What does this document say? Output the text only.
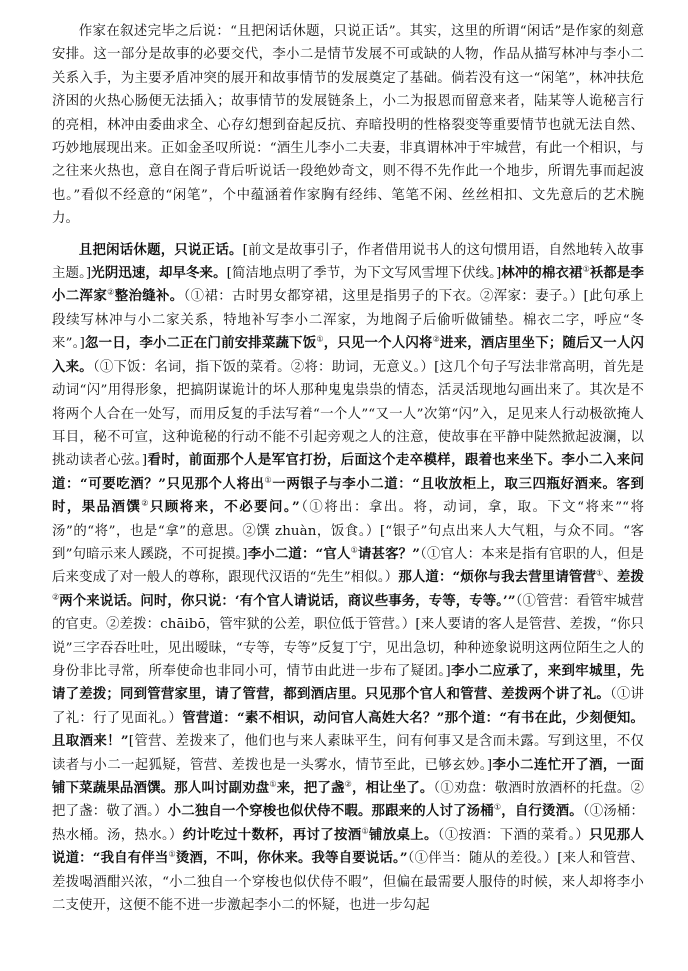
作家在叙述完毕之后说：“且把闲话休题，只说正话”。其实，这里的所谓“闲话”是作家的刻意安排。这一部分是故事的必要交代，李小二是情节发展不可或缺的人物，作品从描写林冲与李小二关系入手，为主要矛盾冲突的展开和故事情节的发展奠定了基础。倘若没有这一“闲笔”，林冲扶危济困的火热心肠便无法插入；故事情节的发展链条上，小二为报恩而留意来者，陆某等人诡秘言行的亮相，林冲由委曲求全、心存幻想到奋起反抗、弃暗投明的性格裂变等重要情节也就无法自然、巧妙地展现出来。正如金圣叹所说：“酒生儿李小二夫妻，非真谓林冲于牢城营，有此一个相识，与之往来火热也，意自在阁子背后听说话一段绝妙奇文，则不得不先作此一个地步，所谓先事而起波也。”看似不经意的“闲笔”，个中蕴涵着作家胸有经纬、笔笔不闲、丝丝相扣、文先意后的艺术腕力。

且把闲话休题，只说正话。[前文是故事引子，作者借用说书人的这句惯用语，自然地转入故事主题。]光阴迅速，却早冬来。[简洁地点明了季节，为下文写风雪埋下伏线。]林冲的棉衣裙①袄都是李小二浑家②整治缝补。（①裙：古时男女都穿裙，这里是指男子的下衣。②浑家：妻子。）[此句承上段续写林冲与小二家关系，特地补写李小二浑家，为地阁子后偷听做铺垫。棉衣二字，呼应“冬来”。]忽一日，李小二正在门前安排菜蔬下饭①，只见一个人闪将②进来，酒店里坐下；随后又一人闪入来。（①下饭：名词，指下饭的菜肴。②将：助词，无意义。）[这几个句子写法非常高明，首先是动词“闪”用得形象，把搞阴谋诡计的坏人那种鬼鬼祟祟的情态，活灵活现地勾画出来了。其次是不将两个人合在一处写，而用反复的手法写着“一个人”“又一人”次第“闪”入，足见来人行动极欲掩人耳目，秘不可宣，这种诡秘的行动不能不引起旁观之人的注意，使故事在平静中陡然掀起波澜，以挑动读者心弦。]看时，前面那个人是军官打扮，后面这个走卒模样，跟着也来坐下。李小二入来问道：“可要吃酒？”只见那个人将出①一两银子与李小二道：“且收放柜上，取三四瓶好酒来。客到时，果品酒馔②只顾将来，不必要问。”（①将出：拿出。将，动词，拿，取。下文“将来”“将汤”的“将”，也是“拿”的意思。②馔 zhuàn，饭食。）[“银子”句点出来人大气粗，与众不同。“客到”句暗示来人蹊跷，不可捉摸。]李小二道：“官人①请甚客？”（①官人：本来是指有官职的人，但是后来变成了对一般人的尊称，跟现代汉语的“先生”相似。）那人道：“烦你与我去营里请管营①、差拨②两个来说话。问时，你只说：‘有个官人请说话，商议些事务，专等，专等。’”（①管营：看管牢城营的官吏。②差拨：chāibō，管牢狱的公差，职位低于管营。）[来人要请的客人是管营、差拨，“你只说”三字吞吞吐吐，见出暧昧，“专等，专等”反复丁宁，见出急切，种种迹象说明这两位陌生之人的身份非比寻常，所奉使命也非同小可，情节由此进一步布了疑团。]李小二应承了，来到牢城里，先请了差拨；同到管营家里，请了管营，都到酒店里。只见那个官人和管营、差拨两个讲了礼。（①讲了礼：行了见面礼。）管营道：“素不相识，动问官人高姓大名？”那个道：“有书在此，少刻便知。且取酒来！”[管营、差拨来了，他们也与来人素昧平生，问有何事又是含而未露。写到这里，不仅读者与小二一起狐疑，管营、差拨也是一头雾水，情节至此，已够玄妙。]李小二连忙开了酒，一面铺下菜蔬果品酒馔。那人叫讨副劝盘①来，把了盏②，相让坐了。（①劝盘：敬酒时放酒杯的托盘。②把了盏：敬了酒。）小二独自一个穿梭也似伏侍不暇。那跟来的人讨了汤桶①，自行烫酒。（①汤桶：热水桶。汤，热水。）约计吃过十数杯，再讨了按酒①铺放桌上。（①按酒：下酒的菜肴。）只见那人说道：“我自有伴当①烫酒，不叫，你休来。我等自要说话。”（①伴当：随从的差役。）[来人和管营、差拨喝酒酣兴浓，“小二独自一个穿梭也似伏侍不暇”，但偏在最需要人服侍的时候，来人却将李小二支使开，这便不能不进一步激起李小二的怀疑，也进一步勾起
